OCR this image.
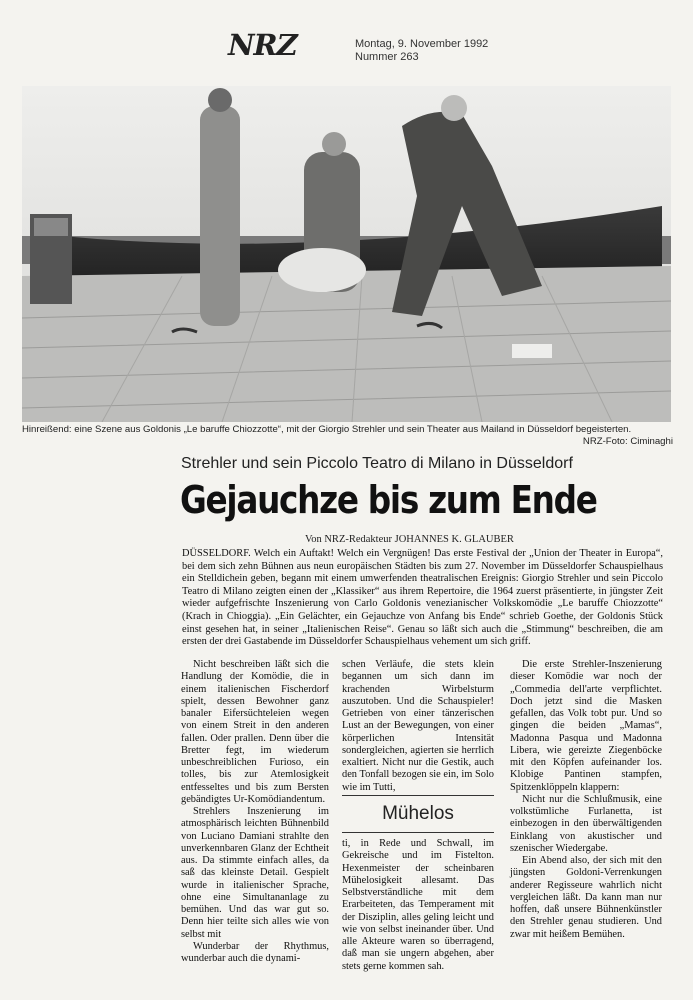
NRZ	Montag, 9. November 1992
Nummer 263
Hinreißend: eine Szene aus Goldonis „Le baruffe Chiozzotte“, mit der Giorgio Strehler und sein Theater aus Mailand in Düsseldorf begeisterten.
NRZ-Foto: Ciminaghi
Strehler und sein Piccolo Teatro di Milano in Düsseldorf
Gejauchze bis zum Ende
Von NRZ-Redakteur JOHANNES K. GLAUBER
DÜSSELDORF. Welch ein Auftakt! Welch ein Vergnügen! Das erste Festival der „Union der Theater in Europa“, bei dem sich zehn Bühnen aus neun europäischen Städten bis zum 27. November im Düsseldorfer Schauspielhaus ein Stelldichein geben, begann mit einem umwerfenden theatralischen Ereignis: Giorgio Strehler und sein Piccolo Teatro di Milano zeigten einen der „Klassiker“ aus ihrem Repertoire, die 1964 zuerst präsentierte, in jüngster Zeit wieder aufgefrischte Inszenierung von Carlo Goldonis venezianischer Volkskomödie „Le baruffe Chiozzotte“ (Krach in Chioggia). „Ein Gelächter, ein Gejauchze von Anfang bis Ende“ schrieb Goethe, der Goldonis Stück einst gesehen hat, in seiner „Italienischen Reise“. Genau so läßt sich auch die „Stimmung“ beschreiben, die am ersten der drei Gastabende im Düsseldorfer Schauspielhaus vehement um sich griff.

Nicht beschreiben läßt sich die Handlung der Komödie, die in einem italienischen Fischerdorf spielt, dessen Bewohner ganz banaler Eifersüchteleien wegen von einem Streit in den anderen fallen. Oder prallen. Denn über die Bretter fegt, im wiederum unbeschreiblichen Furioso, ein tolles, bis zur Atemlosigkeit entfesseltes und bis zum Bersten gebändigtes Ur-Komödiandentum.

Strehlers Inszenierung im atmosphärisch leichten Bühnenbild von Luciano Damiani strahlte den unverkennbaren Glanz der Echtheit aus. Da stimmte einfach alles, da saß das kleinste Detail. Gespielt wurde in italienischer Sprache, ohne eine Simultananlage zu bemühen. Und das war gut so. Denn hier teilte sich alles wie von selbst mit

Wunderbar der Rhythmus, wunderbar auch die dynami-

schen Verläufe, die stets klein begannen um sich dann im krachenden Wirbelsturm auszutoben. Und die Schauspieler! Getrieben von einer tänzerischen Lust an der Bewegungen, von einer körperlichen Intensität sondergleichen, agierten sie herrlich exaltiert. Nicht nur die Gestik, auch den Tonfall bezogen sie ein, im Solo wie im Tutti,

Mühelos

ti, in Rede und Schwall, im Gekreische und im Fistelton. Hexenmeister der scheinbaren Mühelosigkeit allesamt. Das Selbstverständliche mit dem Erarbeiteten, das Temperament mit der Disziplin, alles geling leicht und wie von selbst ineinander über. Und alle Akteure waren so überragend, daß man sie ungern abgehen, aber stets gerne kommen sah.

Die erste Strehler-Inszenierung dieser Komödie war noch der „Commedia dell'arte verpflichtet. Doch jetzt sind die Masken gefallen, das Volk tobt pur. Und so gingen die beiden „Mamas“, Madonna Pasqua und Madonna Libera, wie gereizte Ziegenböcke mit den Köpfen aufeinander los. Klobige Pantinen stampfen, Spitzenklöppeln klappern:

Nicht nur die Schlußmusik, eine volkstümliche Furlanetta, ist einbezogen in den überwältigenden Einklang von akustischer und szenischer Wiedergabe.

Ein Abend also, der sich mit den jüngsten Goldoni-Verrenkungen anderer Regisseure wahrlich nicht vergleichen läßt. Da kann man nur hoffen, daß unsere Bühnenkünstler den Strehler genau studieren. Und zwar mit heißem Bemühen.
